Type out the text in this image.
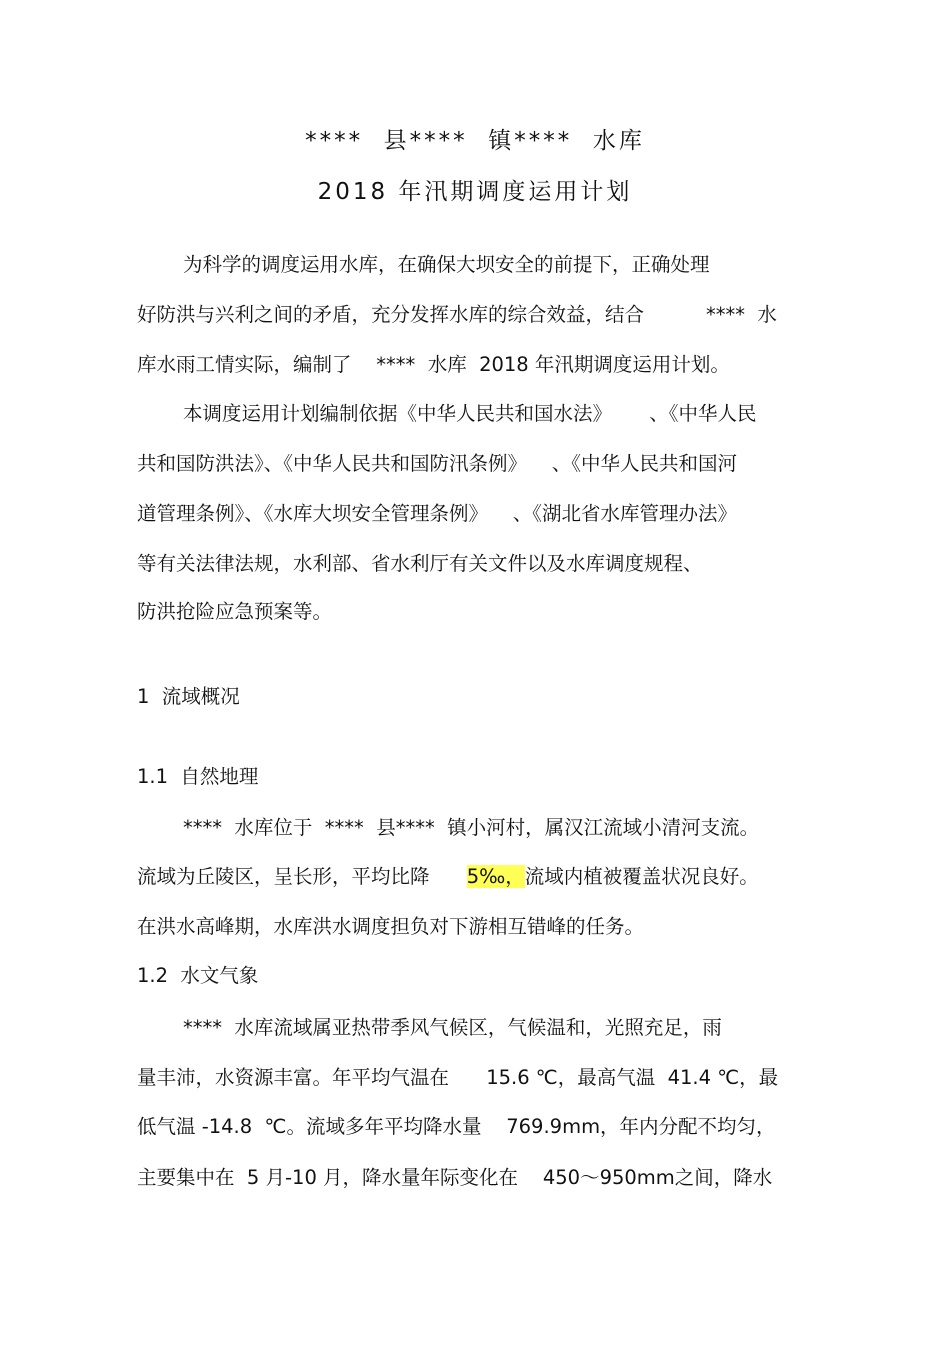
****  县****  镇****  水库
2018 年汛期调度运用计划
为科学的调度运用水库，在确保大坝安全的前提下，正确处理
好防洪与兴利之间的矛盾，充分发挥水库的综合效益，结合          ****  水
库水雨工情实际，编制了    ****  水库  2018 年汛期调度运用计划。
本调度运用计划编制依据《中华人民共和国水法》      、《中华人民
共和国防洪法》、《中华人民共和国防汛条例》    、《中华人民共和国河
道管理条例》、《水库大坝安全管理条例》    、《湖北省水库管理办法》
等有关法律法规，水利部、省水利厅有关文件以及水库调度规程、
防洪抢险应急预案等。
1  流域概况
1.1  自然地理
****  水库位于  ****  县****  镇小河村，属汉江流域小清河支流。
流域为丘陵区，呈长形，平均比降      5‰，流域内植被覆盖状况良好。
在洪水高峰期，水库洪水调度担负对下游相互错峰的任务。
1.2  水文气象
****  水库流域属亚热带季风气候区，气候温和，光照充足，雨
量丰沛，水资源丰富。年平均气温在      15.6 ℃，最高气温  41.4 ℃，最
低气温 -14.8  ℃。流域多年平均降水量    769.9mm，年内分配不均匀，
主要集中在  5 月-10 月，降水量年际变化在    450～950mm之间，降水
